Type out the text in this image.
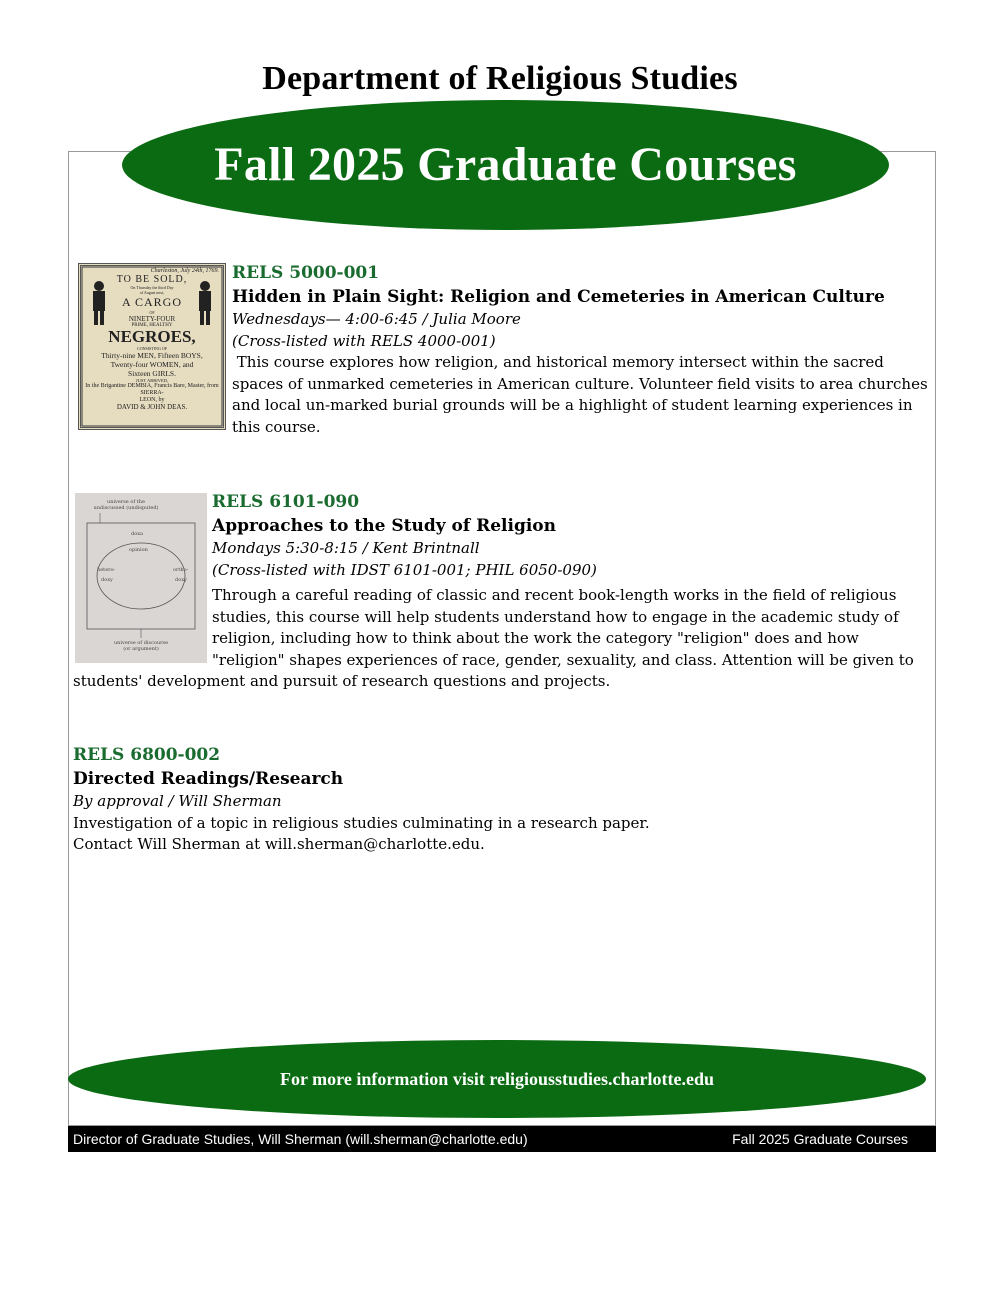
Department of Religious Studies
Fall 2025 Graduate Courses
Charleston, July 24th, 1769.
TO BE SOLD,
On Thursday the third Day
of August next,
A CARGO
OF
NINETY-FOUR
PRIME, HEALTHY
NEGROES,
CONSISTING OF
Thirty-nine MEN, Fifteen BOYS,
Twenty-four WOMEN, and
Sixteen GIRLS.
JUST ARRIVED,
In the Brigantine DEMBIA, Francis Bare, Master, from SIERRA-
LEON, by
DAVID & JOHN DEAS.
RELS 5000-001
Hidden in Plain Sight: Religion and Cemeteries in American Culture
Wednesdays— 4:00-6:45 / Julia Moore
(Cross-listed with RELS 4000-001)
This course explores how religion, and historical memory intersect within the sacred spaces of unmarked cemeteries in American culture. Volunteer field visits to area churches and local un-marked burial grounds will be a highlight of student learning experiences in this course.
universe of the undiscussed (undisputed)
doxa
opinion
hetero-
doxy
ortho-
doxy
universe of discourse (or argument)
RELS 6101-090
Approaches to the Study of Religion
Mondays 5:30-8:15 / Kent Brintnall
(Cross-listed with IDST 6101-001; PHIL 6050-090)
Through a careful reading of classic and recent book-length works in the field of religious studies, this course will help students understand how to engage in the academic study of religion, including how to think about the work the category "religion" does and how "religion" shapes experiences of race, gender, sexuality, and class. Attention will be given to students' development and pursuit of research questions and projects.
RELS 6800-002
Directed Readings/Research
By approval / Will Sherman
Investigation of a topic in religious studies culminating in a research paper.
Contact Will Sherman at will.sherman@charlotte.edu.
For more information visit religiousstudies.charlotte.edu
Director of Graduate Studies, Will Sherman (will.sherman@charlotte.edu)	Fall 2025 Graduate Courses
